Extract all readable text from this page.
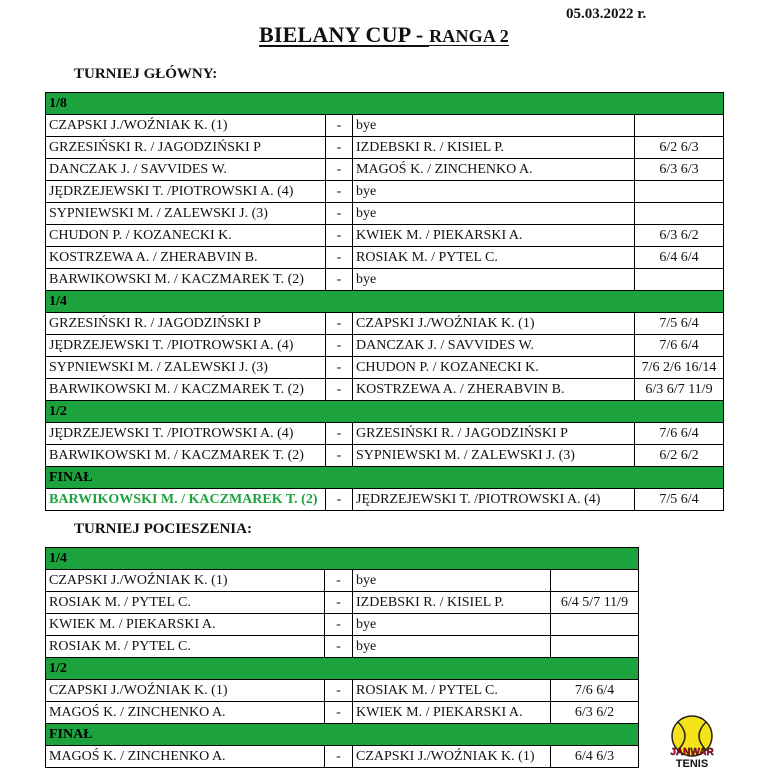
05.03.2022 r.
BIELANY CUP - RANGA 2
TURNIEJ GŁÓWNY:
1/8			
CZAPSKI J./WOŹNIAK K. (1)	-	bye	
GRZESIŃSKI R. / JAGODZIŃSKI P	-	IZDEBSKI R. / KISIEL P.	6/2 6/3
DANCZAK J. / SAVVIDES W.	-	MAGOŚ K. / ZINCHENKO A.	6/3 6/3
JĘDRZEJEWSKI T. /PIOTROWSKI A. (4)	-	bye	
SYPNIEWSKI M. / ZALEWSKI J. (3)	-	bye	
CHUDON P. / KOZANECKI K.	-	KWIEK M. / PIEKARSKI A.	6/3 6/2
KOSTRZEWA A. / ZHERABVIN B.	-	ROSIAK M. / PYTEL C.	6/4 6/4
BARWIKOWSKI M. / KACZMAREK T. (2)	-	bye	
1/4			
GRZESIŃSKI R. / JAGODZIŃSKI P	-	CZAPSKI J./WOŹNIAK K. (1)	7/5 6/4
JĘDRZEJEWSKI T. /PIOTROWSKI A. (4)	-	DANCZAK J. / SAVVIDES W.	7/6 6/4
SYPNIEWSKI M. / ZALEWSKI J. (3)	-	CHUDON P. / KOZANECKI K.	7/6 2/6 16/14
BARWIKOWSKI M. / KACZMAREK T. (2)	-	KOSTRZEWA A. / ZHERABVIN B.	6/3 6/7 11/9
1/2			
JĘDRZEJEWSKI T. /PIOTROWSKI A. (4)	-	GRZESIŃSKI R. / JAGODZIŃSKI P	7/6 6/4
BARWIKOWSKI M. / KACZMAREK T. (2)	-	SYPNIEWSKI M. / ZALEWSKI J. (3)	6/2 6/2
FINAŁ			
BARWIKOWSKI M. / KACZMAREK T. (2)	-	JĘDRZEJEWSKI T. /PIOTROWSKI A. (4)	7/5 6/4
TURNIEJ POCIESZENIA:
1/4			
CZAPSKI J./WOŹNIAK K. (1)	-	bye	
ROSIAK M. / PYTEL C.	-	IZDEBSKI R. / KISIEL P.	6/4 5/7 11/9
KWIEK M. / PIEKARSKI A.	-	bye	
ROSIAK M. / PYTEL C.	-	bye	
1/2			
CZAPSKI J./WOŹNIAK K. (1)	-	ROSIAK M. / PYTEL C.	7/6 6/4
MAGOŚ K. / ZINCHENKO A.	-	KWIEK M. / PIEKARSKI A.	6/3 6/2
FINAŁ			
MAGOŚ K. / ZINCHENKO A.	-	CZAPSKI J./WOŹNIAK K. (1)	6/4 6/3	JANWAR
TENIS
